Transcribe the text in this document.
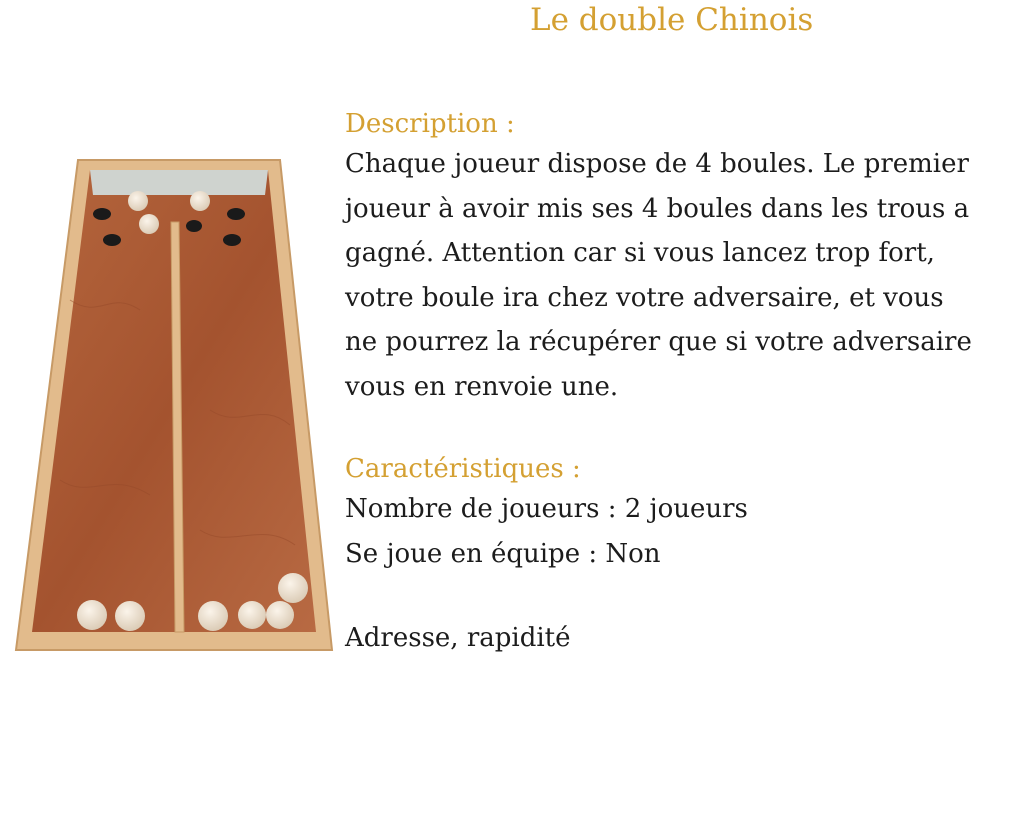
Le double Chinois
Description :

Chaque joueur dispose de 4 boules. Le premier

joueur à avoir mis ses 4 boules dans les trous a

gagné. Attention car si vous lancez trop fort,

votre boule ira chez votre adversaire, et vous

ne pourrez la récupérer que si votre adversaire

vous en renvoie une.

Caractéristiques :

Nombre de joueurs : 2 joueurs

Se joue en équipe : Non

Adresse, rapidité
